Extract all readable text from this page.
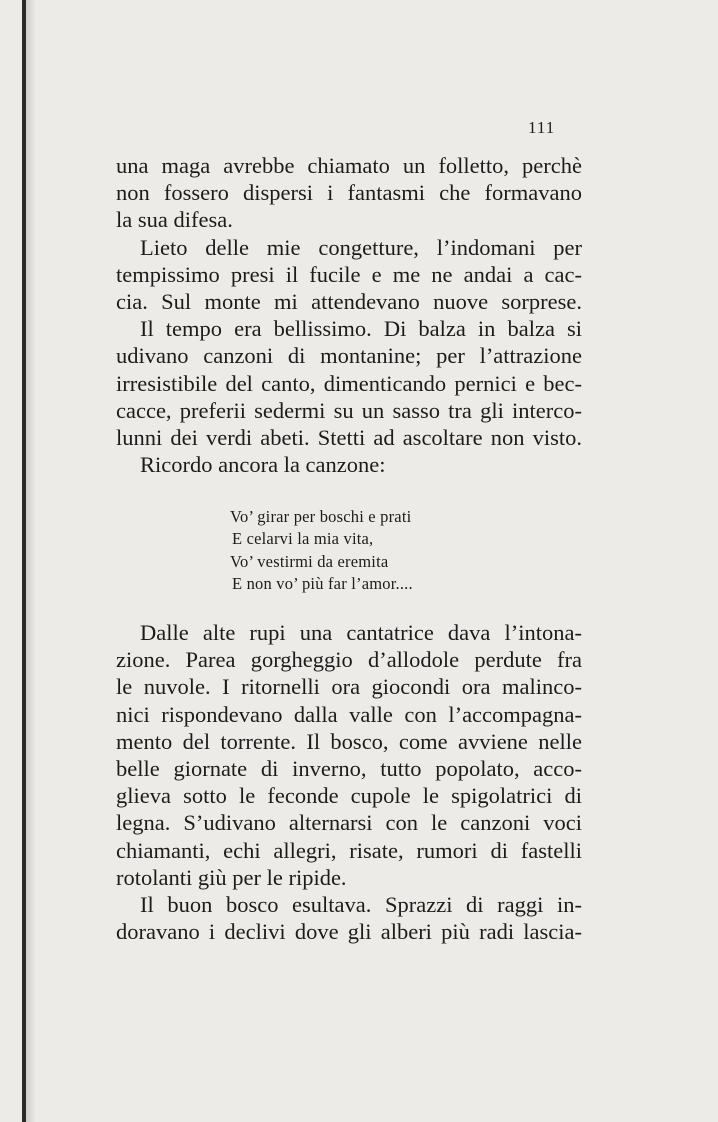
111
una maga avrebbe chiamato un folletto, perchè
non fossero dispersi i fantasmi che formavano
la sua difesa.
Lieto delle mie congetture, l’indomani per
tempissimo presi il fucile e me ne andai a cac-
cia. Sul monte mi attendevano nuove sorprese.
Il tempo era bellissimo. Di balza in balza si
udivano canzoni di montanine; per l’attrazione
irresistibile del canto, dimenticando pernici e bec-
cacce, preferii sedermi su un sasso tra gli interco-
lunni dei verdi abeti. Stetti ad ascoltare non visto.
Ricordo ancora la canzone:
Vo’ girar per boschi e prati
E celarvi la mia vita,
Vo’ vestirmi da eremita
E non vo’ più far l’amor....
Dalle alte rupi una cantatrice dava l’intona-
zione. Parea gorgheggio d’allodole perdute fra
le nuvole. I ritornelli ora giocondi ora malinco-
nici rispondevano dalla valle con l’accompagna-
mento del torrente. Il bosco, come avviene nelle
belle giornate di inverno, tutto popolato, acco-
glieva sotto le feconde cupole le spigolatrici di
legna. S’udivano alternarsi con le canzoni voci
chiamanti, echi allegri, risate, rumori di fastelli
rotolanti giù per le ripide.
Il buon bosco esultava. Sprazzi di raggi in-
doravano i declivi dove gli alberi più radi lascia-
